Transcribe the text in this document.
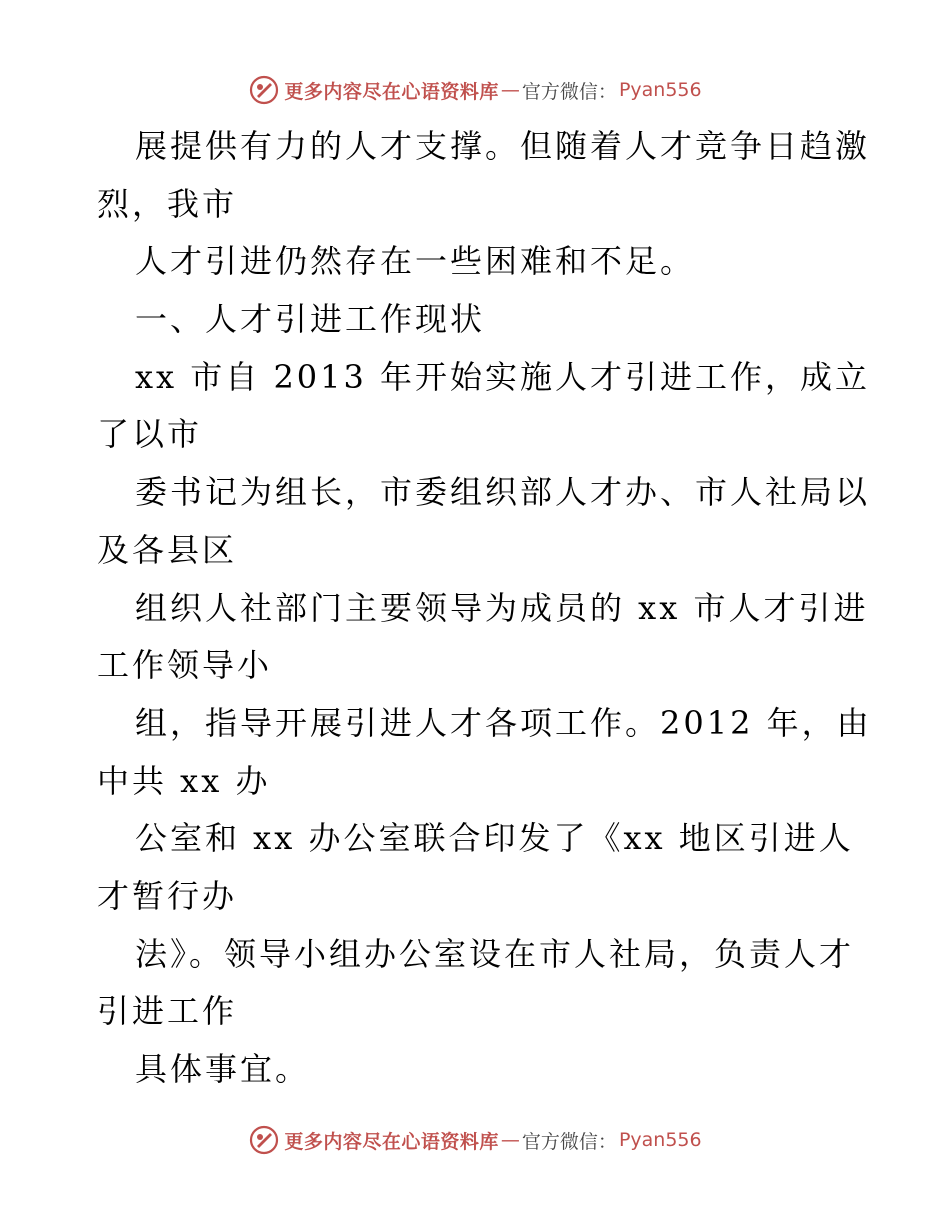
更多内容尽在心语资料库 — 官方微信： Pyan556
展提供有力的人才支撑。但随着人才竞争日趋激
烈，我市
人才引进仍然存在一些困难和不足。
一、人才引进工作现状
xx 市自 2013 年开始实施人才引进工作，成立
了以市
委书记为组长，市委组织部人才办、市人社局以
及各县区
组织人社部门主要领导为成员的 xx 市人才引进
工作领导小
组，指导开展引进人才各项工作。2012 年，由
中共 xx 办
公室和 xx 办公室联合印发了《xx 地区引进人
才暂行办
法》。领导小组办公室设在市人社局，负责人才
引进工作
具体事宜。
更多内容尽在心语资料库 — 官方微信： Pyan556
